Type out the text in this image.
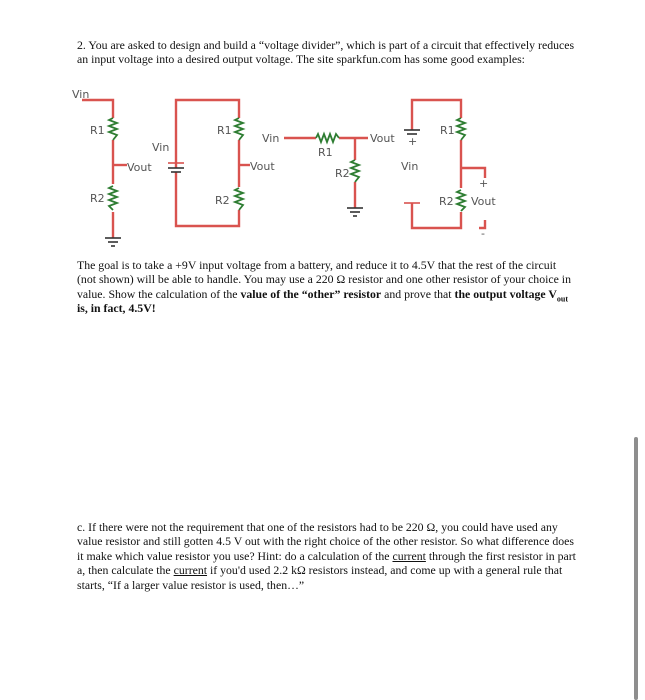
2. You are asked to design and build a “voltage divider”, which is part of a circuit that effectively reduces an input voltage into a desired output voltage. The site sparkfun.com has some good examples:

Vin
R1
Vout
R2
Vin
R1
Vout
R2
Vin
R1
Vout +
R2
Vin
R1
+
R2 Vout
-

The goal is to take a +9V input voltage from a battery, and reduce it to 4.5V that the rest of the circuit (not shown) will be able to handle. You may use a 220 Ω resistor and one other resistor of your choice in value. Show the calculation of the value of the “other” resistor and prove that the output voltage $V_{out}$ is, in fact, 4.5V!

c. If there were not the requirement that one of the resistors had to be 220 Ω, you could have used any value resistor and still gotten 4.5 V out with the right choice of the other resistor. So what difference does it make which value resistor you use? Hint: do a calculation of the current through the first resistor in part a, then calculate the current if you'd used 2.2 kΩ resistors instead, and come up with a general rule that starts, “If a larger value resistor is used, then…”
